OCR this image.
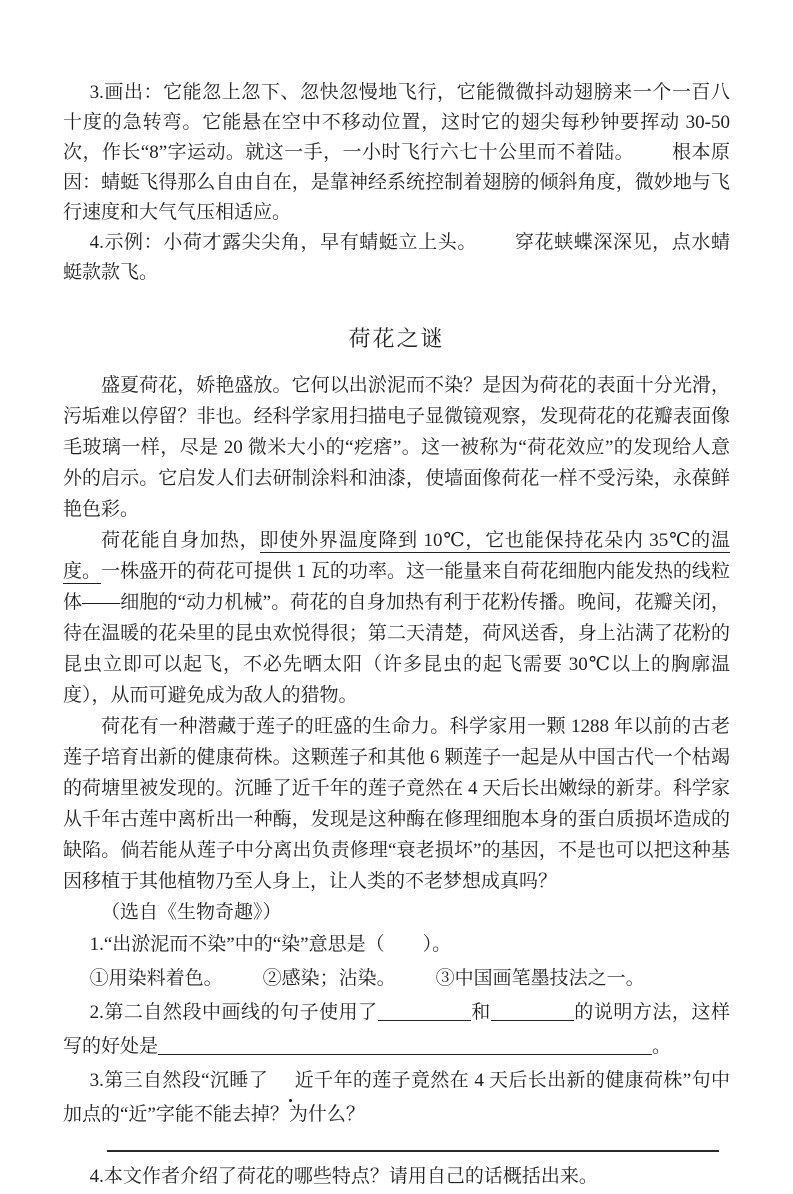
3.画出：它能忽上忽下、忽快忽慢地飞行，它能微微抖动翅膀来一个一百八十度的急转弯。它能悬在空中不移动位置，这时它的翅尖每秒钟要挥动 30-50 次，作长“8”字运动。就这一手，一小时飞行六七十公里而不着陆。 根本原因：蜻蜓飞得那么自由自在，是靠神经系统控制着翅膀的倾斜角度，微妙地与飞行速度和大气气压相适应。

4.示例：小荷才露尖尖角，早有蜻蜓立上头。 穿花蛱蝶深深见，点水蜻蜓款款飞。

荷花之谜

盛夏荷花，娇艳盛放。它何以出淤泥而不染？是因为荷花的表面十分光滑，污垢难以停留？非也。经科学家用扫描电子显微镜观察，发现荷花的花瓣表面像毛玻璃一样，尽是 20 微米大小的“疙瘩”。这一被称为“荷花效应”的发现给人意外的启示。它启发人们去研制涂料和油漆，使墙面像荷花一样不受污染，永葆鲜艳色彩。

荷花能自身加热，即使外界温度降到 10℃，它也能保持花朵内 35℃的温度。一株盛开的荷花可提供 1 瓦的功率。这一能量来自荷花细胞内能发热的线粒体——细胞的“动力机械”。荷花的自身加热有利于花粉传播。晚间，花瓣关闭，待在温暖的花朵里的昆虫欢悦得很；第二天清楚，荷风送香，身上沾满了花粉的昆虫立即可以起飞，不必先晒太阳（许多昆虫的起飞需要 30℃以上的胸廓温度），从而可避免成为敌人的猎物。

荷花有一种潜藏于莲子的旺盛的生命力。科学家用一颗 1288 年以前的古老莲子培育出新的健康荷株。这颗莲子和其他 6 颗莲子一起是从中国古代一个枯竭的荷塘里被发现的。沉睡了近千年的莲子竟然在 4 天后长出嫩绿的新芽。科学家从千年古莲中离析出一种酶，发现是这种酶在修理细胞本身的蛋白质损坏造成的缺陷。倘若能从莲子中分离出负责修理“衰老损坏”的基因，不是也可以把这种基因移植于其他植物乃至人身上，让人类的不老梦想成真吗？

（选自《生物奇趣》）

1.“出淤泥而不染”中的“染”意思是（　　）。

①用染料着色。 ②感染；沾染。 ③中国画笔墨技法之一。

2.第二自然段中画线的句子使用了	和	的说明方法，这样写的好处是	。

3.第三自然段“沉睡了 近千年的莲子竟然在 4 天后长出新的健康荷株”句中加点的“近”字能不能去掉？为什么？

4.本文作者介绍了荷花的哪些特点？请用自己的话概括出来。
